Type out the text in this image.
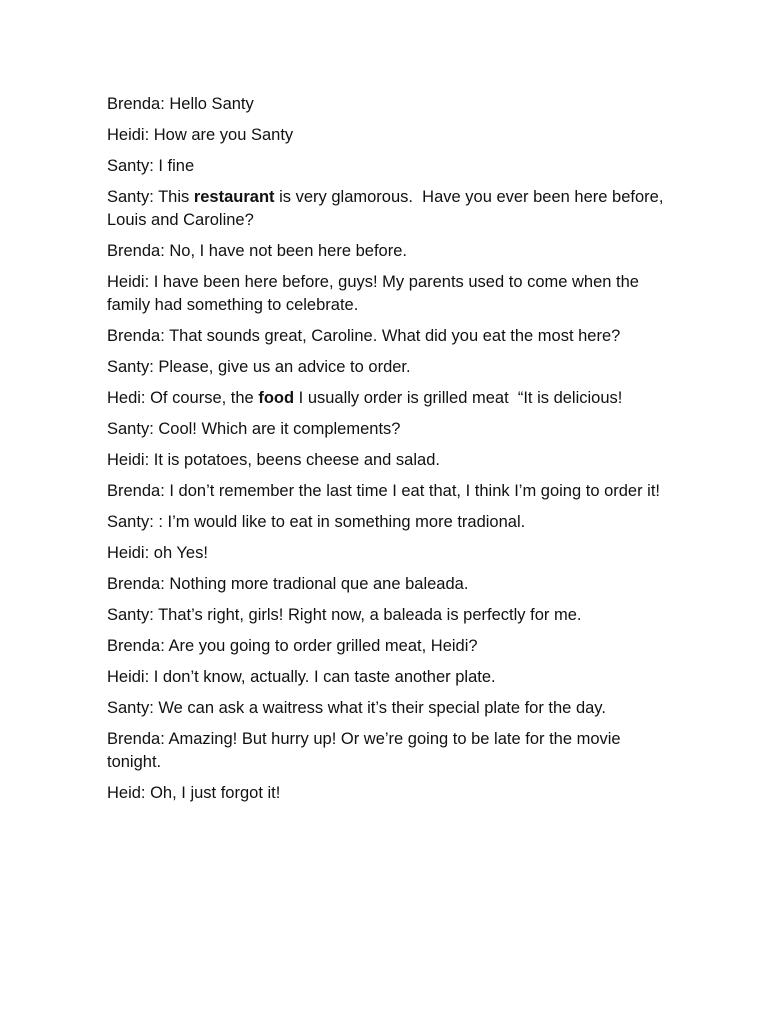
Brenda: Hello Santy

Heidi: How are you Santy

Santy: I fine

Santy: This restaurant is very glamorous.  Have you ever been here before, Louis and Caroline?

Brenda: No, I have not been here before.

Heidi: I have been here before, guys! My parents used to come when the family had something to celebrate.

Brenda: That sounds great, Caroline. What did you eat the most here?

Santy: Please, give us an advice to order.

Hedi: Of course, the food I usually order is grilled meat  “It is delicious!

Santy: Cool! Which are it complements?

Heidi: It is potatoes, beens cheese and salad.

Brenda: I don’t remember the last time I eat that, I think I’m going to order it!

Santy: : I’m would like to eat in something more tradional.

Heidi: oh Yes!

Brenda: Nothing more tradional que ane baleada.

Santy: That’s right, girls! Right now, a baleada is perfectly for me.

Brenda: Are you going to order grilled meat, Heidi?

Heidi: I don’t know, actually. I can taste another plate.

Santy: We can ask a waitress what it’s their special plate for the day.

Brenda: Amazing! But hurry up! Or we’re going to be late for the movie tonight.

Heid: Oh, I just forgot it!
